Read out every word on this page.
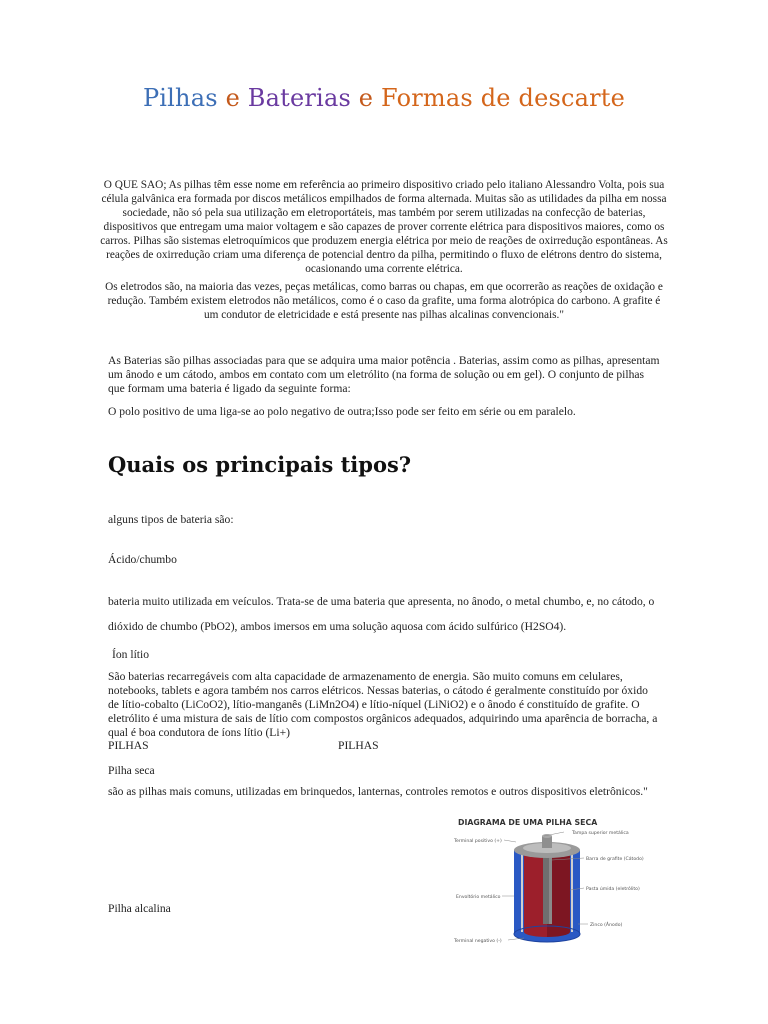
Pilhas e Baterias e Formas de descarte

O QUE SAO; As pilhas têm esse nome em referência ao primeiro dispositivo criado pelo italiano Alessandro Volta, pois sua célula galvânica era formada por discos metálicos empilhados de forma alternada. Muitas são as utilidades da pilha em nossa sociedade, não só pela sua utilização em eletroportáteis, mas também por serem utilizadas na confecção de baterias, dispositivos que entregam uma maior voltagem e são capazes de prover corrente elétrica para dispositivos maiores, como os carros. Pilhas são sistemas eletroquímicos que produzem energia elétrica por meio de reações de oxirredução espontâneas. As reações de oxirredução criam uma diferença de potencial dentro da pilha, permitindo o fluxo de elétrons dentro do sistema, ocasionando uma corrente elétrica.

Os eletrodos são, na maioria das vezes, peças metálicas, como barras ou chapas, em que ocorrerão as reações de oxidação e redução. Também existem eletrodos não metálicos, como é o caso da grafite, uma forma alotrópica do carbono. A grafite é um condutor de eletricidade e está presente nas pilhas alcalinas convencionais."

As Baterias são pilhas associadas para que se adquira uma maior potência . Baterias, assim como as pilhas, apresentam um ânodo e um cátodo, ambos em contato com um eletrólito (na forma de solução ou em gel). O conjunto de pilhas que formam uma bateria é ligado da seguinte forma:

O polo positivo de uma liga-se ao polo negativo de outra;Isso pode ser feito em série ou em paralelo.

Quais os principais tipos?

alguns tipos de bateria são:

Ácido/chumbo

bateria muito utilizada em veículos. Trata-se de uma bateria que apresenta, no ânodo, o metal chumbo, e, no cátodo, o

dióxido de chumbo (PbO2), ambos imersos em uma solução aquosa com ácido sulfúrico (H2SO4).

Íon lítio

São baterias recarregáveis com alta capacidade de armazenamento de energia. São muito comuns em celulares, notebooks, tablets e agora também nos carros elétricos. Nessas baterias, o cátodo é geralmente constituído por óxido de lítio-cobalto (LiCoO2), lítio-manganês (LiMn2O4) e lítio-níquel (LiNiO2) e o ânodo é constituído de grafite. O eletrólito é uma mistura de sais de lítio com compostos orgânicos adequados, adquirindo uma aparência de borracha, a qual é boa condutora de íons lítio (Li+)

PILHAS	PILHAS

Pilha seca

são as pilhas mais comuns, utilizadas em brinquedos, lanternas, controles remotos e outros dispositivos eletrônicos."

Pilha alcalina

DIAGRAMA DE UMA PILHA SECA
Tampa superior metálica
Terminal positivo (+)
Barra de grafite (Cátodo)
Pasta úmida (eletrólito)
Envoltório metálico
Zinco (Ânodo)
Terminal negativo (-)
